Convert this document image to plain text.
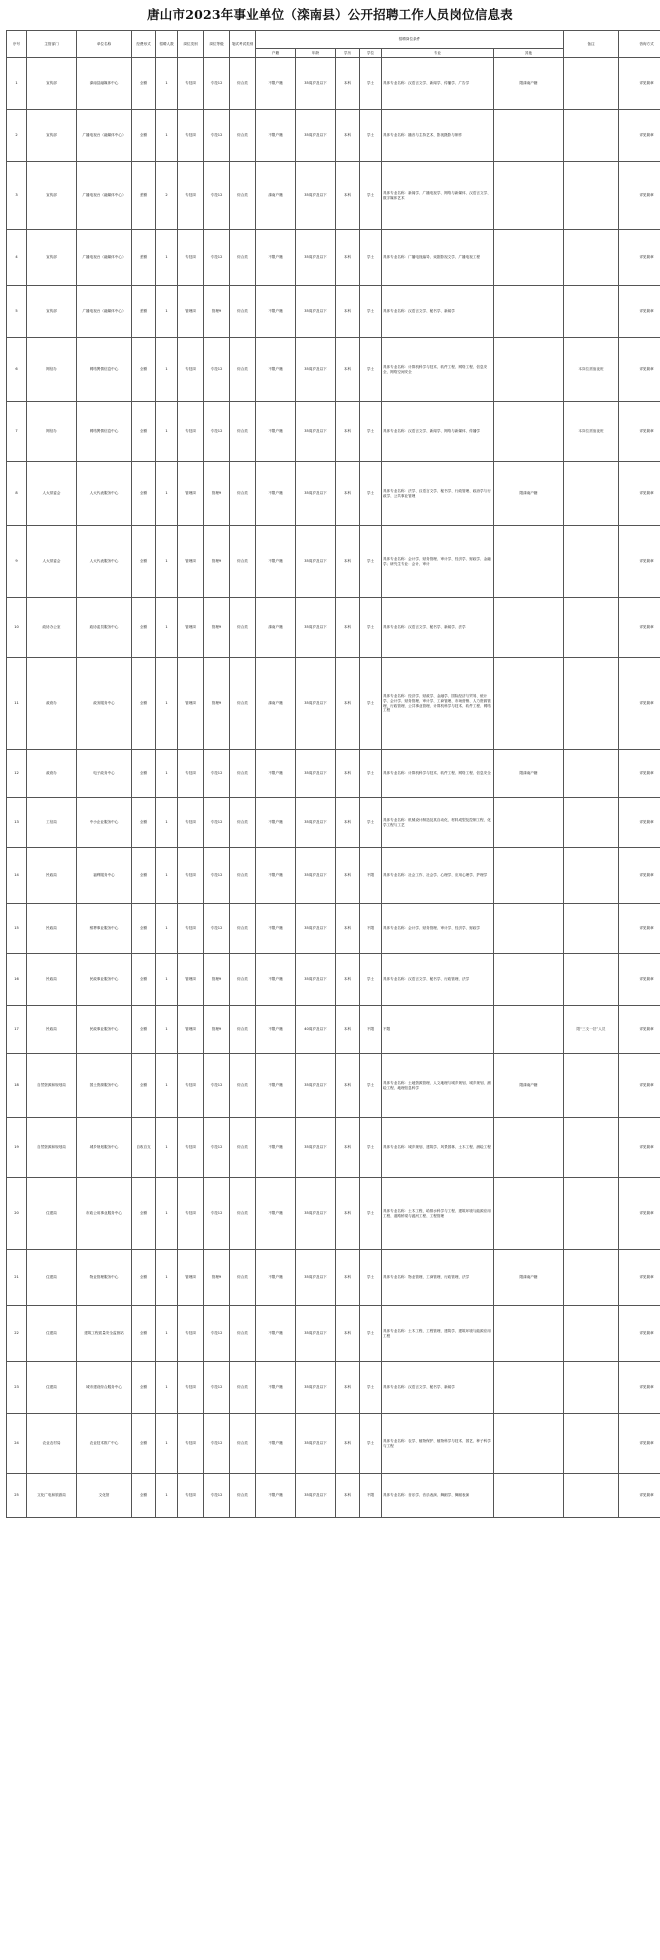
唐山市2023年事业单位（滦南县）公开招聘工作人员岗位信息表
序号	主管部门	单位名称	经费形式	招聘人数	岗位类别	岗位等级	笔试考试类别	招聘岗位条件						备注	咨询方式
								户籍	年龄	学历	学位	专业	其他		
1	宣传部	滦南县融媒体中心	全额	1	专技岗	专技12	综合类	不限户籍	35周岁及以下	本科	学士	具体专业名称：汉语言文学、新闻学、传播学、广告学	限滦南户籍		详见简章
2	宣传部	广播电视台（融媒体中心）	全额	1	专技岗	专技12	综合类	不限户籍	35周岁及以下	本科	学士	具体专业名称：播音与主持艺术、影视摄影与制作			详见简章
3	宣传部	广播电视台（融媒体中心）	差额	2	专技岗	专技12	综合类	滦南户籍	35周岁及以下	本科	学士	具体专业名称：新闻学、广播电视学、网络与新媒体、汉语言文学、数字媒体艺术			详见简章
4	宣传部	广播电视台（融媒体中心）	差额	1	专技岗	专技12	综合类	不限户籍	35周岁及以下	本科	学士	具体专业名称：广播电视编导、戏剧影视文学、广播电视工程			详见简章
5	宣传部	广播电视台（融媒体中心）	差额	1	管理岗	管理9	综合类	不限户籍	35周岁及以下	本科	学士	具体专业名称：汉语言文学、秘书学、新闻学			详见简章
6	网信办	网络舆情信息中心	全额	1	专技岗	专技12	综合类	不限户籍	35周岁及以下	本科	学士	具体专业名称：计算机科学与技术、软件工程、网络工程、信息安全、网络空间安全		本岗位需值夜班	详见简章
7	网信办	网络舆情信息中心	全额	1	专技岗	专技12	综合类	不限户籍	35周岁及以下	本科	学士	具体专业名称：汉语言文学、新闻学、网络与新媒体、传播学		本岗位需值夜班	详见简章
8	人大常委会	人大代表服务中心	全额	1	管理岗	管理9	综合类	不限户籍	35周岁及以下	本科	学士	具体专业名称：法学、汉语言文学、秘书学、行政管理、政治学与行政学、公共事业管理	限滦南户籍		详见简章
9	人大常委会	人大代表服务中心	全额	1	管理岗	管理9	综合类	不限户籍	35周岁及以下	本科	学士	具体专业名称：会计学、财务管理、审计学、经济学、财政学、金融学；研究生专业：会计、审计			详见简章
10	政协办公室	政协委员服务中心	全额	1	管理岗	管理9	综合类	滦南户籍	35周岁及以下	本科	学士	具体专业名称：汉语言文学、秘书学、新闻学、法学			详见简章
11	政府办	政务服务中心	全额	1	管理岗	管理9	综合类	滦南户籍	35周岁及以下	本科	学士	具体专业名称：经济学、财政学、金融学、国际经济与贸易、统计学、会计学、财务管理、审计学、工商管理、市场营销、人力资源管理、行政管理、公共事业管理、计算机科学与技术、软件工程、网络工程			详见简章
12	政府办	电子政务中心	全额	1	专技岗	专技12	综合类	不限户籍	35周岁及以下	本科	学士	具体专业名称：计算机科学与技术、软件工程、网络工程、信息安全	限滦南户籍		详见简章
13	工信局	中小企业服务中心	全额	1	专技岗	专技12	综合类	不限户籍	35周岁及以下	本科	学士	具体专业名称：机械设计制造及其自动化、材料成型及控制工程、化学工程与工艺			详见简章
14	民政局	福利服务中心	全额	1	专技岗	专技12	综合类	不限户籍	35周岁及以下	本科	不限	具体专业名称：社会工作、社会学、心理学、应用心理学、护理学			详见简章
15	民政局	殡葬事业服务中心	全额	1	专技岗	专技12	综合类	不限户籍	35周岁及以下	本科	不限	具体专业名称：会计学、财务管理、审计学、经济学、财政学			详见简章
16	民政局	民政事业服务中心	全额	1	管理岗	管理9	综合类	不限户籍	35周岁及以下	本科	学士	具体专业名称：汉语言文学、秘书学、行政管理、法学			详见简章
17	民政局	民政事业服务中心	全额	1	管理岗	管理9	综合类	不限户籍	40周岁及以下	本科	不限	不限		限“三支一扶”人员	详见简章
18	自然资源和规划局	国土资源服务中心	全额	1	专技岗	专技12	综合类	不限户籍	35周岁及以下	本科	学士	具体专业名称：土地资源管理、人文地理与城乡规划、城乡规划、测绘工程、地理信息科学	限滦南户籍		详见简章
19	自然资源和规划局	城乡规划服务中心	自收自支	1	专技岗	专技12	综合类	不限户籍	35周岁及以下	本科	学士	具体专业名称：城乡规划、建筑学、风景园林、土木工程、测绘工程			详见简章
20	住建局	市政公用事业服务中心	全额	1	专技岗	专技12	综合类	不限户籍	35周岁及以下	本科	学士	具体专业名称：土木工程、给排水科学与工程、建筑环境与能源应用工程、道路桥梁与渡河工程、工程管理			详见简章
21	住建局	物业管理服务中心	全额	1	管理岗	管理9	综合类	不限户籍	35周岁及以下	本科	学士	具体专业名称：物业管理、工商管理、行政管理、法学	限滦南户籍		详见简章
22	住建局	建筑工程质量安全监督站	全额	1	专技岗	专技12	综合类	不限户籍	35周岁及以下	本科	学士	具体专业名称：土木工程、工程管理、建筑学、建筑环境与能源应用工程			详见简章
23	住建局	城市建设综合服务中心	全额	1	专技岗	专技12	综合类	不限户籍	35周岁及以下	本科	学士	具体专业名称：汉语言文学、秘书学、新闻学			详见简章
24	农业农村局	农业技术推广中心	全额	1	专技岗	专技12	综合类	不限户籍	35周岁及以下	本科	学士	具体专业名称：农学、植物保护、植物科学与技术、园艺、种子科学与工程			详见简章
25	文化广电和旅游局	文化馆	全额	1	专技岗	专技12	综合类	不限户籍	35周岁及以下	本科	不限	具体专业名称：音乐学、音乐表演、舞蹈学、舞蹈表演			详见简章
